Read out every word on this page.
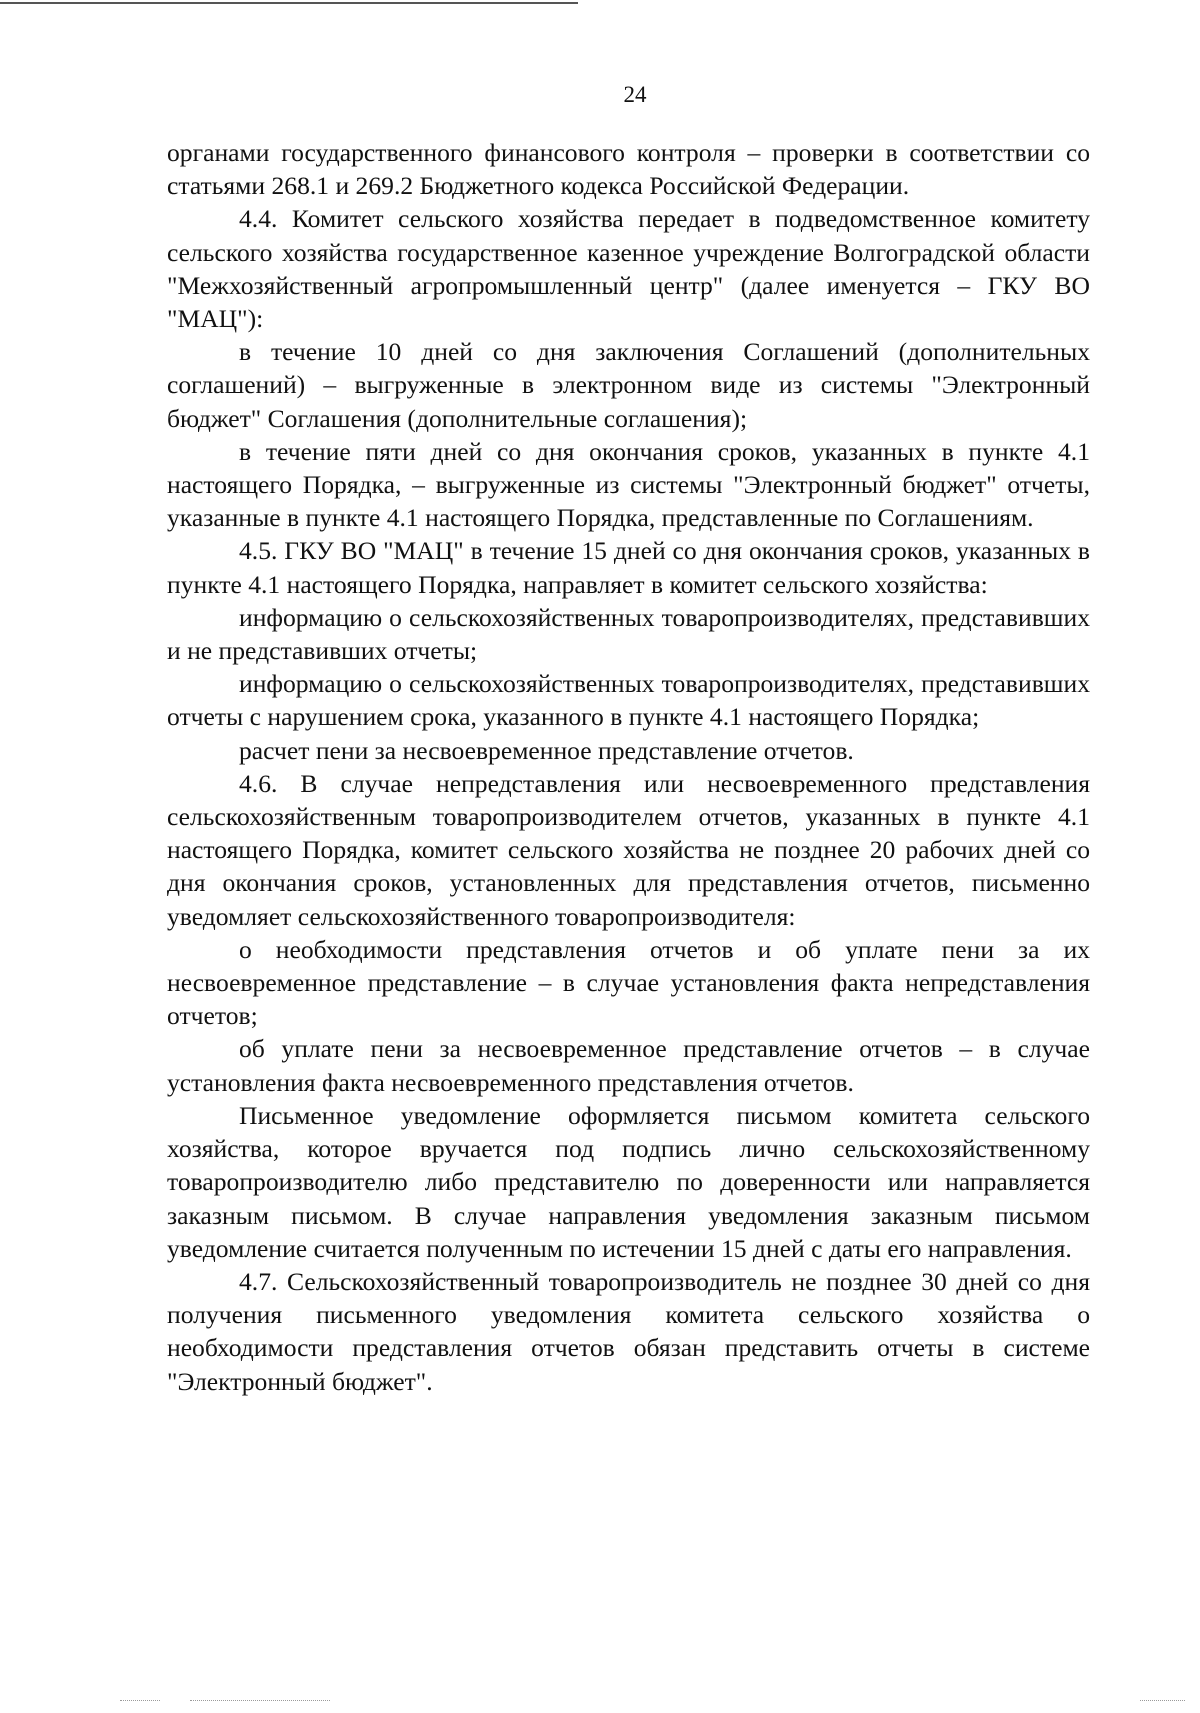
24

органами государственного финансового контроля – проверки в соответствии со статьями 268.1 и 269.2 Бюджетного кодекса Российской Федерации.

4.4. Комитет сельского хозяйства передает в подведомственное комитету сельского хозяйства государственное казенное учреждение Волгоградской области "Межхозяйственный агропромышленный центр" (далее именуется – ГКУ ВО "МАЦ"):

в течение 10 дней со дня заключения Соглашений (дополнительных соглашений) – выгруженные в электронном виде из системы "Электронный бюджет" Соглашения (дополнительные соглашения);

в течение пяти дней со дня окончания сроков, указанных в пункте 4.1 настоящего Порядка, – выгруженные из системы "Электронный бюджет" отчеты, указанные в пункте 4.1 настоящего Порядка, представленные по Соглашениям.

4.5. ГКУ ВО "МАЦ" в течение 15 дней со дня окончания сроков, указанных в пункте 4.1 настоящего Порядка, направляет в комитет сельского хозяйства:

информацию о сельскохозяйственных товаропроизводителях, представивших и не представивших отчеты;

информацию о сельскохозяйственных товаропроизводителях, представивших отчеты с нарушением срока, указанного в пункте 4.1 настоящего Порядка;

расчет пени за несвоевременное представление отчетов.

4.6. В случае непредставления или несвоевременного представления сельскохозяйственным товаропроизводителем отчетов, указанных в пункте 4.1 настоящего Порядка, комитет сельского хозяйства не позднее 20 рабочих дней со дня окончания сроков, установленных для представления отчетов, письменно уведомляет сельскохозяйственного товаропроизводителя:

о необходимости представления отчетов и об уплате пени за их несвоевременное представление – в случае установления факта непредставления отчетов;

об уплате пени за несвоевременное представление отчетов – в случае установления факта несвоевременного представления отчетов.

Письменное уведомление оформляется письмом комитета сельского хозяйства, которое вручается под подпись лично сельскохозяйственному товаропроизводителю либо представителю по доверенности или направляется заказным письмом. В случае направления уведомления заказным письмом уведомление считается полученным по истечении 15 дней с даты его направления.

4.7. Сельскохозяйственный товаропроизводитель не позднее 30 дней со дня получения письменного уведомления комитета сельского хозяйства о необходимости представления отчетов обязан представить отчеты в системе "Электронный бюджет".
